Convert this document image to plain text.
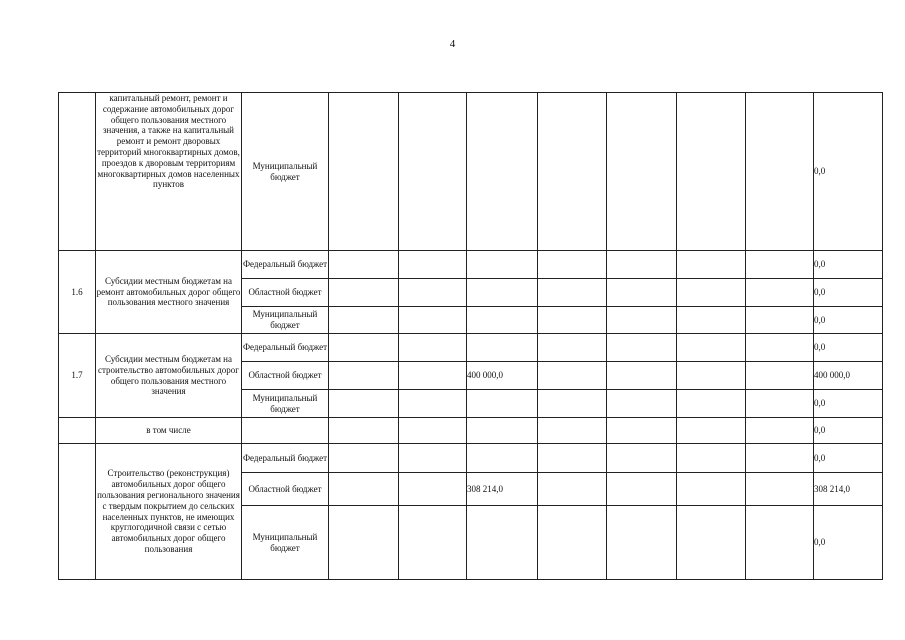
4
	капитальный ремонт, ремонт и содержание автомобильных дорог общего пользования местного значения, а также на капитальный ремонт и ремонт дворовых территорий многоквартирных домов, проездов к дворовым территориям многоквартирных домов населенных пунктов	Муниципальный бюджет								0,0
1.6	Субсидии местным бюджетам на ремонт автомобильных дорог общего пользования местного значения	Федеральный бюджет								0,0
		Областной бюджет								0,0
		Муниципальный бюджет								0,0
1.7	Субсидии местным бюджетам на строительство автомобильных дорог общего пользования местного значения	Федеральный бюджет								0,0
		Областной бюджет			400 000,0					400 000,0
		Муниципальный бюджет								0,0
	в том числе									0,0
	Строительство (реконструкция) автомобильных дорог общего пользования регионального значения с твердым покрытием до сельских населенных пунктов, не имеющих круглогодичной связи с сетью автомобильных дорог общего пользования	Федеральный бюджет								0,0
		Областной бюджет			308 214,0					308 214,0
		Муниципальный бюджет								0,0
